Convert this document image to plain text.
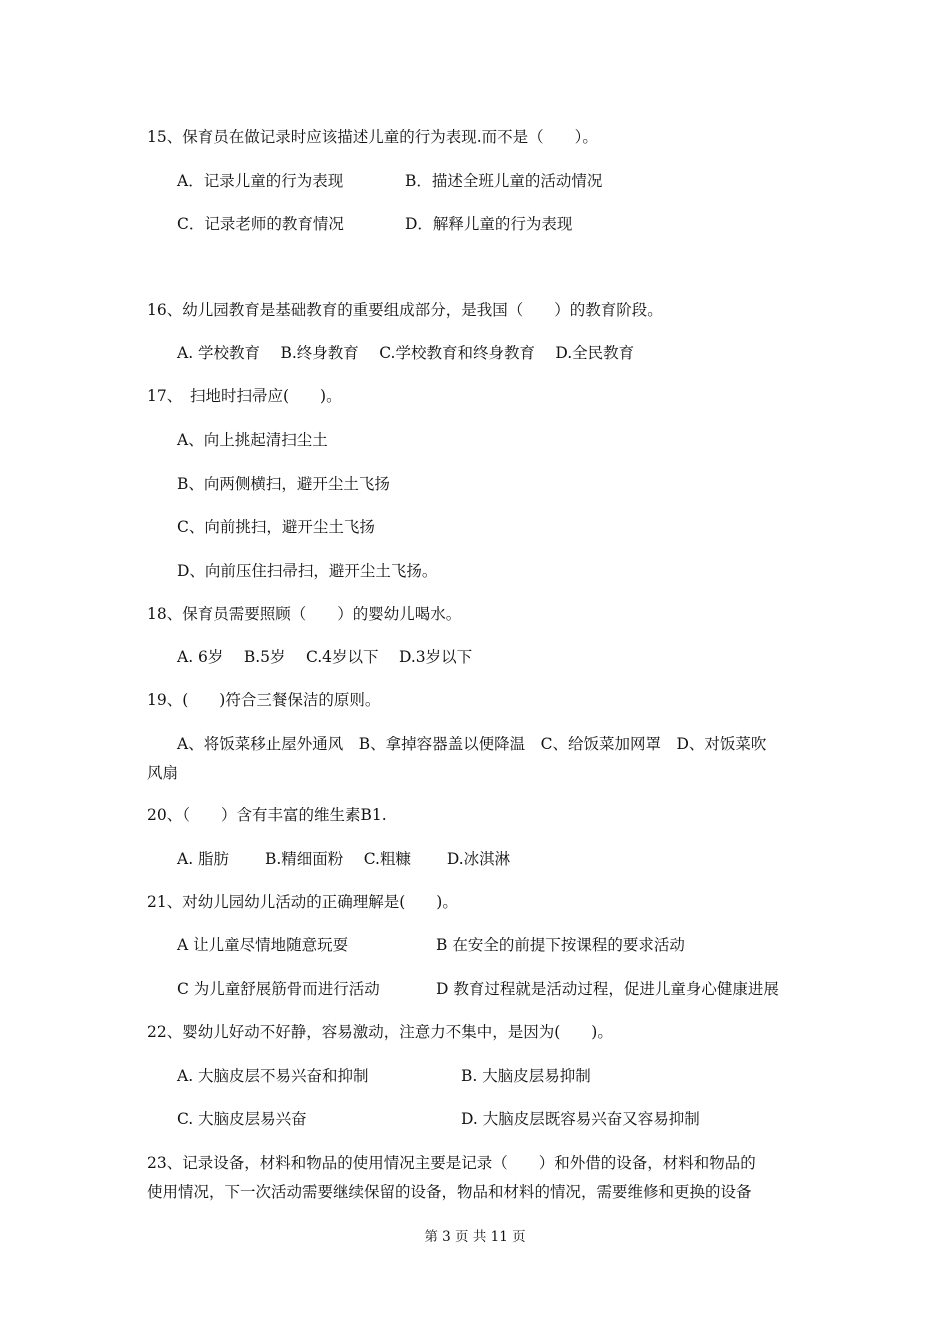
15、保育员在做记录时应该描述儿童的行为表现.而不是（　　）。
A．记录儿童的行为表现	B．描述全班儿童的活动情况
C．记录老师的教育情况	D．解释儿童的行为表现
16、幼儿园教育是基础教育的重要组成部分，是我国（　　）的教育阶段。
A. 学校教育　 B.终身教育　 C.学校教育和终身教育　 D.全民教育
17、　扫地时扫帚应(　　)。
A、向上挑起清扫尘土
B、向两侧横扫，避开尘土飞扬
C、向前挑扫，避开尘土飞扬
D、向前压住扫帚扫，避开尘土飞扬。
18、保育员需要照顾（　　）的婴幼儿喝水。
A. 6岁　 B.5岁　 C.4岁以下　 D.3岁以下
19、(　　)符合三餐保洁的原则。
A、将饭菜移止屋外通风　B、拿掉容器盖以便降温　C、给饭菜加网罩　D、对饭菜吹
风扇
20、（　　）含有丰富的维生素B1.
A. 脂肪　　 B.精细面粉　 C.粗糠　　 D.冰淇淋
21、对幼儿园幼儿活动的正确理解是(　　)。
A 让儿童尽情地随意玩耍	B 在安全的前提下按课程的要求活动
C 为儿童舒展筋骨而进行活动	D 教育过程就是活动过程，促进儿童身心健康进展
22、婴幼儿好动不好静，容易激动，注意力不集中，是因为(　　)。
A. 大脑皮层不易兴奋和抑制	B. 大脑皮层易抑制
C. 大脑皮层易兴奋	D. 大脑皮层既容易兴奋又容易抑制
23、记录设备，材料和物品的使用情况主要是记录（　　）和外借的设备，材料和物品的
使用情况，下一次活动需要继续保留的设备，物品和材料的情况，需要维修和更换的设备
第 3 页 共 11 页
